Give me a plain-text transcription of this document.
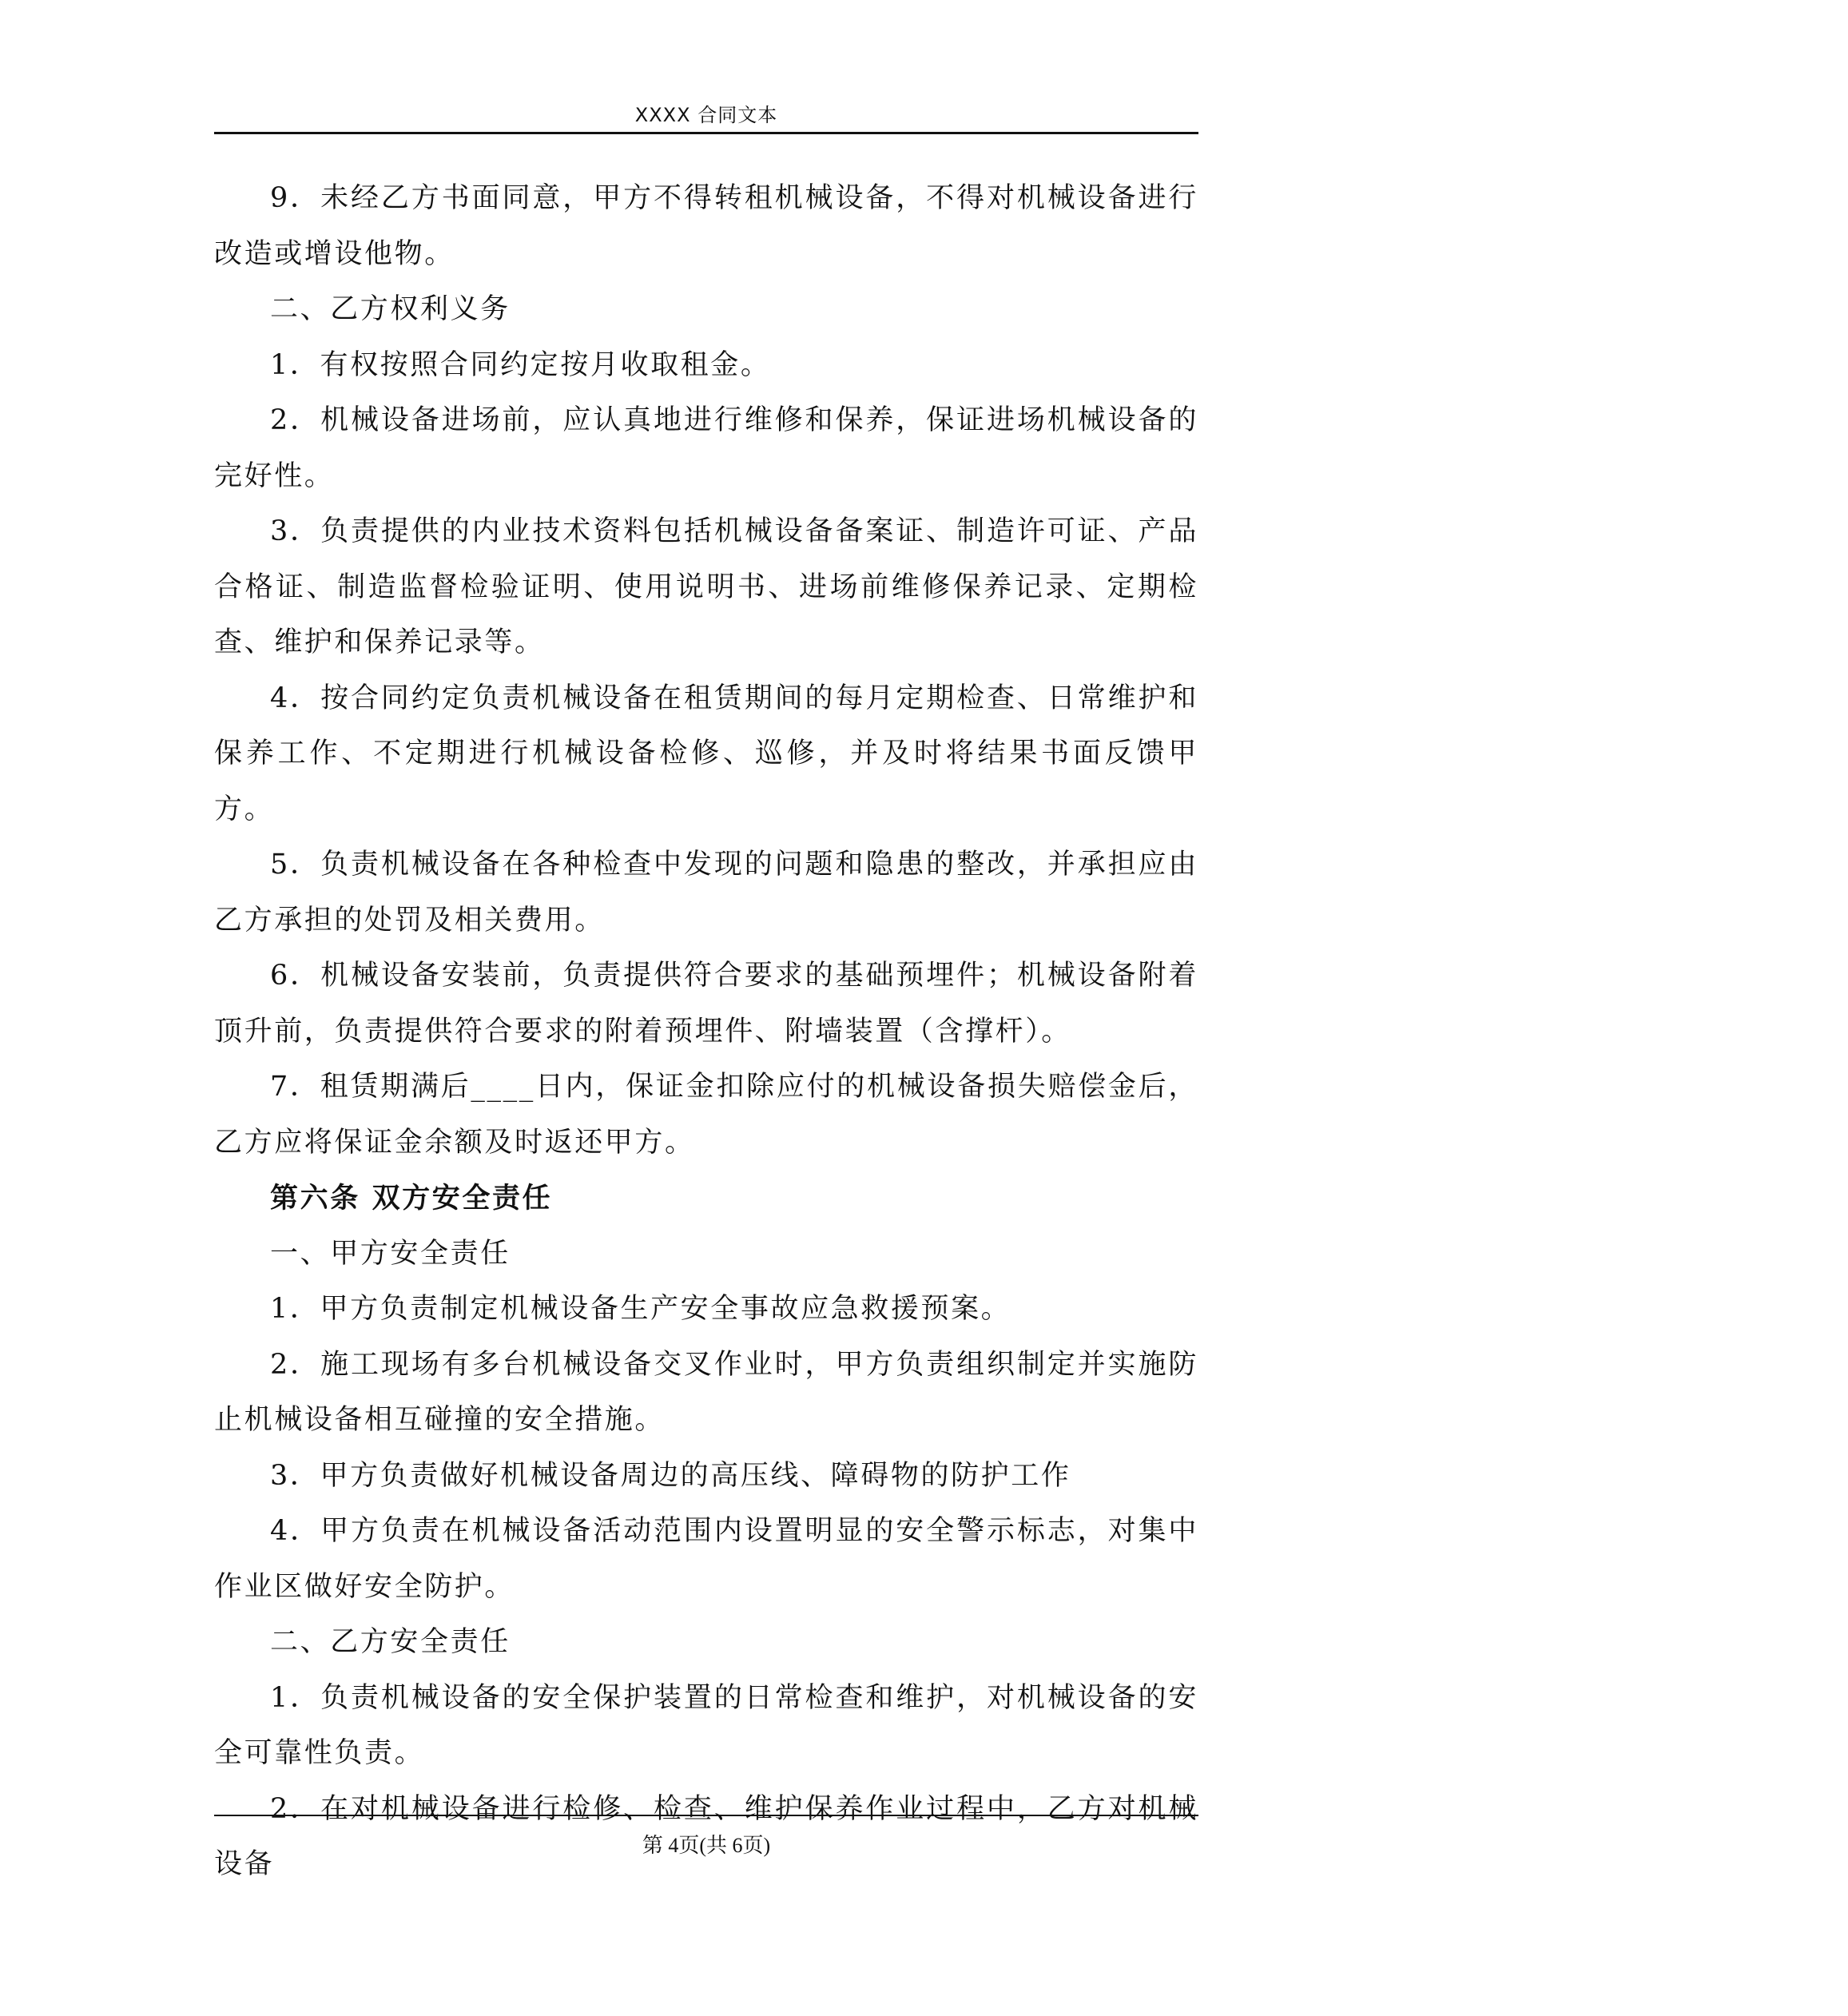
XXXX 合同文本

9．未经乙方书面同意，甲方不得转租机械设备，不得对机械设备进行改造或增设他物。

二、乙方权利义务

1．有权按照合同约定按月收取租金。

2．机械设备进场前，应认真地进行维修和保养，保证进场机械设备的完好性。

3．负责提供的内业技术资料包括机械设备备案证、制造许可证、产品合格证、制造监督检验证明、使用说明书、进场前维修保养记录、定期检查、维护和保养记录等。

4．按合同约定负责机械设备在租赁期间的每月定期检查、日常维护和保养工作、不定期进行机械设备检修、巡修，并及时将结果书面反馈甲方。

5．负责机械设备在各种检查中发现的问题和隐患的整改，并承担应由乙方承担的处罚及相关费用。

6．机械设备安装前，负责提供符合要求的基础预埋件；机械设备附着顶升前，负责提供符合要求的附着预埋件、附墙装置（含撑杆）。

7．租赁期满后____日内，保证金扣除应付的机械设备损失赔偿金后，乙方应将保证金余额及时返还甲方。

第六条 双方安全责任

一、甲方安全责任

1．甲方负责制定机械设备生产安全事故应急救援预案。

2．施工现场有多台机械设备交叉作业时，甲方负责组织制定并实施防止机械设备相互碰撞的安全措施。

3．甲方负责做好机械设备周边的高压线、障碍物的防护工作

4．甲方负责在机械设备活动范围内设置明显的安全警示标志，对集中作业区做好安全防护。

二、乙方安全责任

1．负责机械设备的安全保护装置的日常检查和维护，对机械设备的安全可靠性负责。

2．在对机械设备进行检修、检查、维护保养作业过程中，乙方对机械设备

第 4页(共 6页)
